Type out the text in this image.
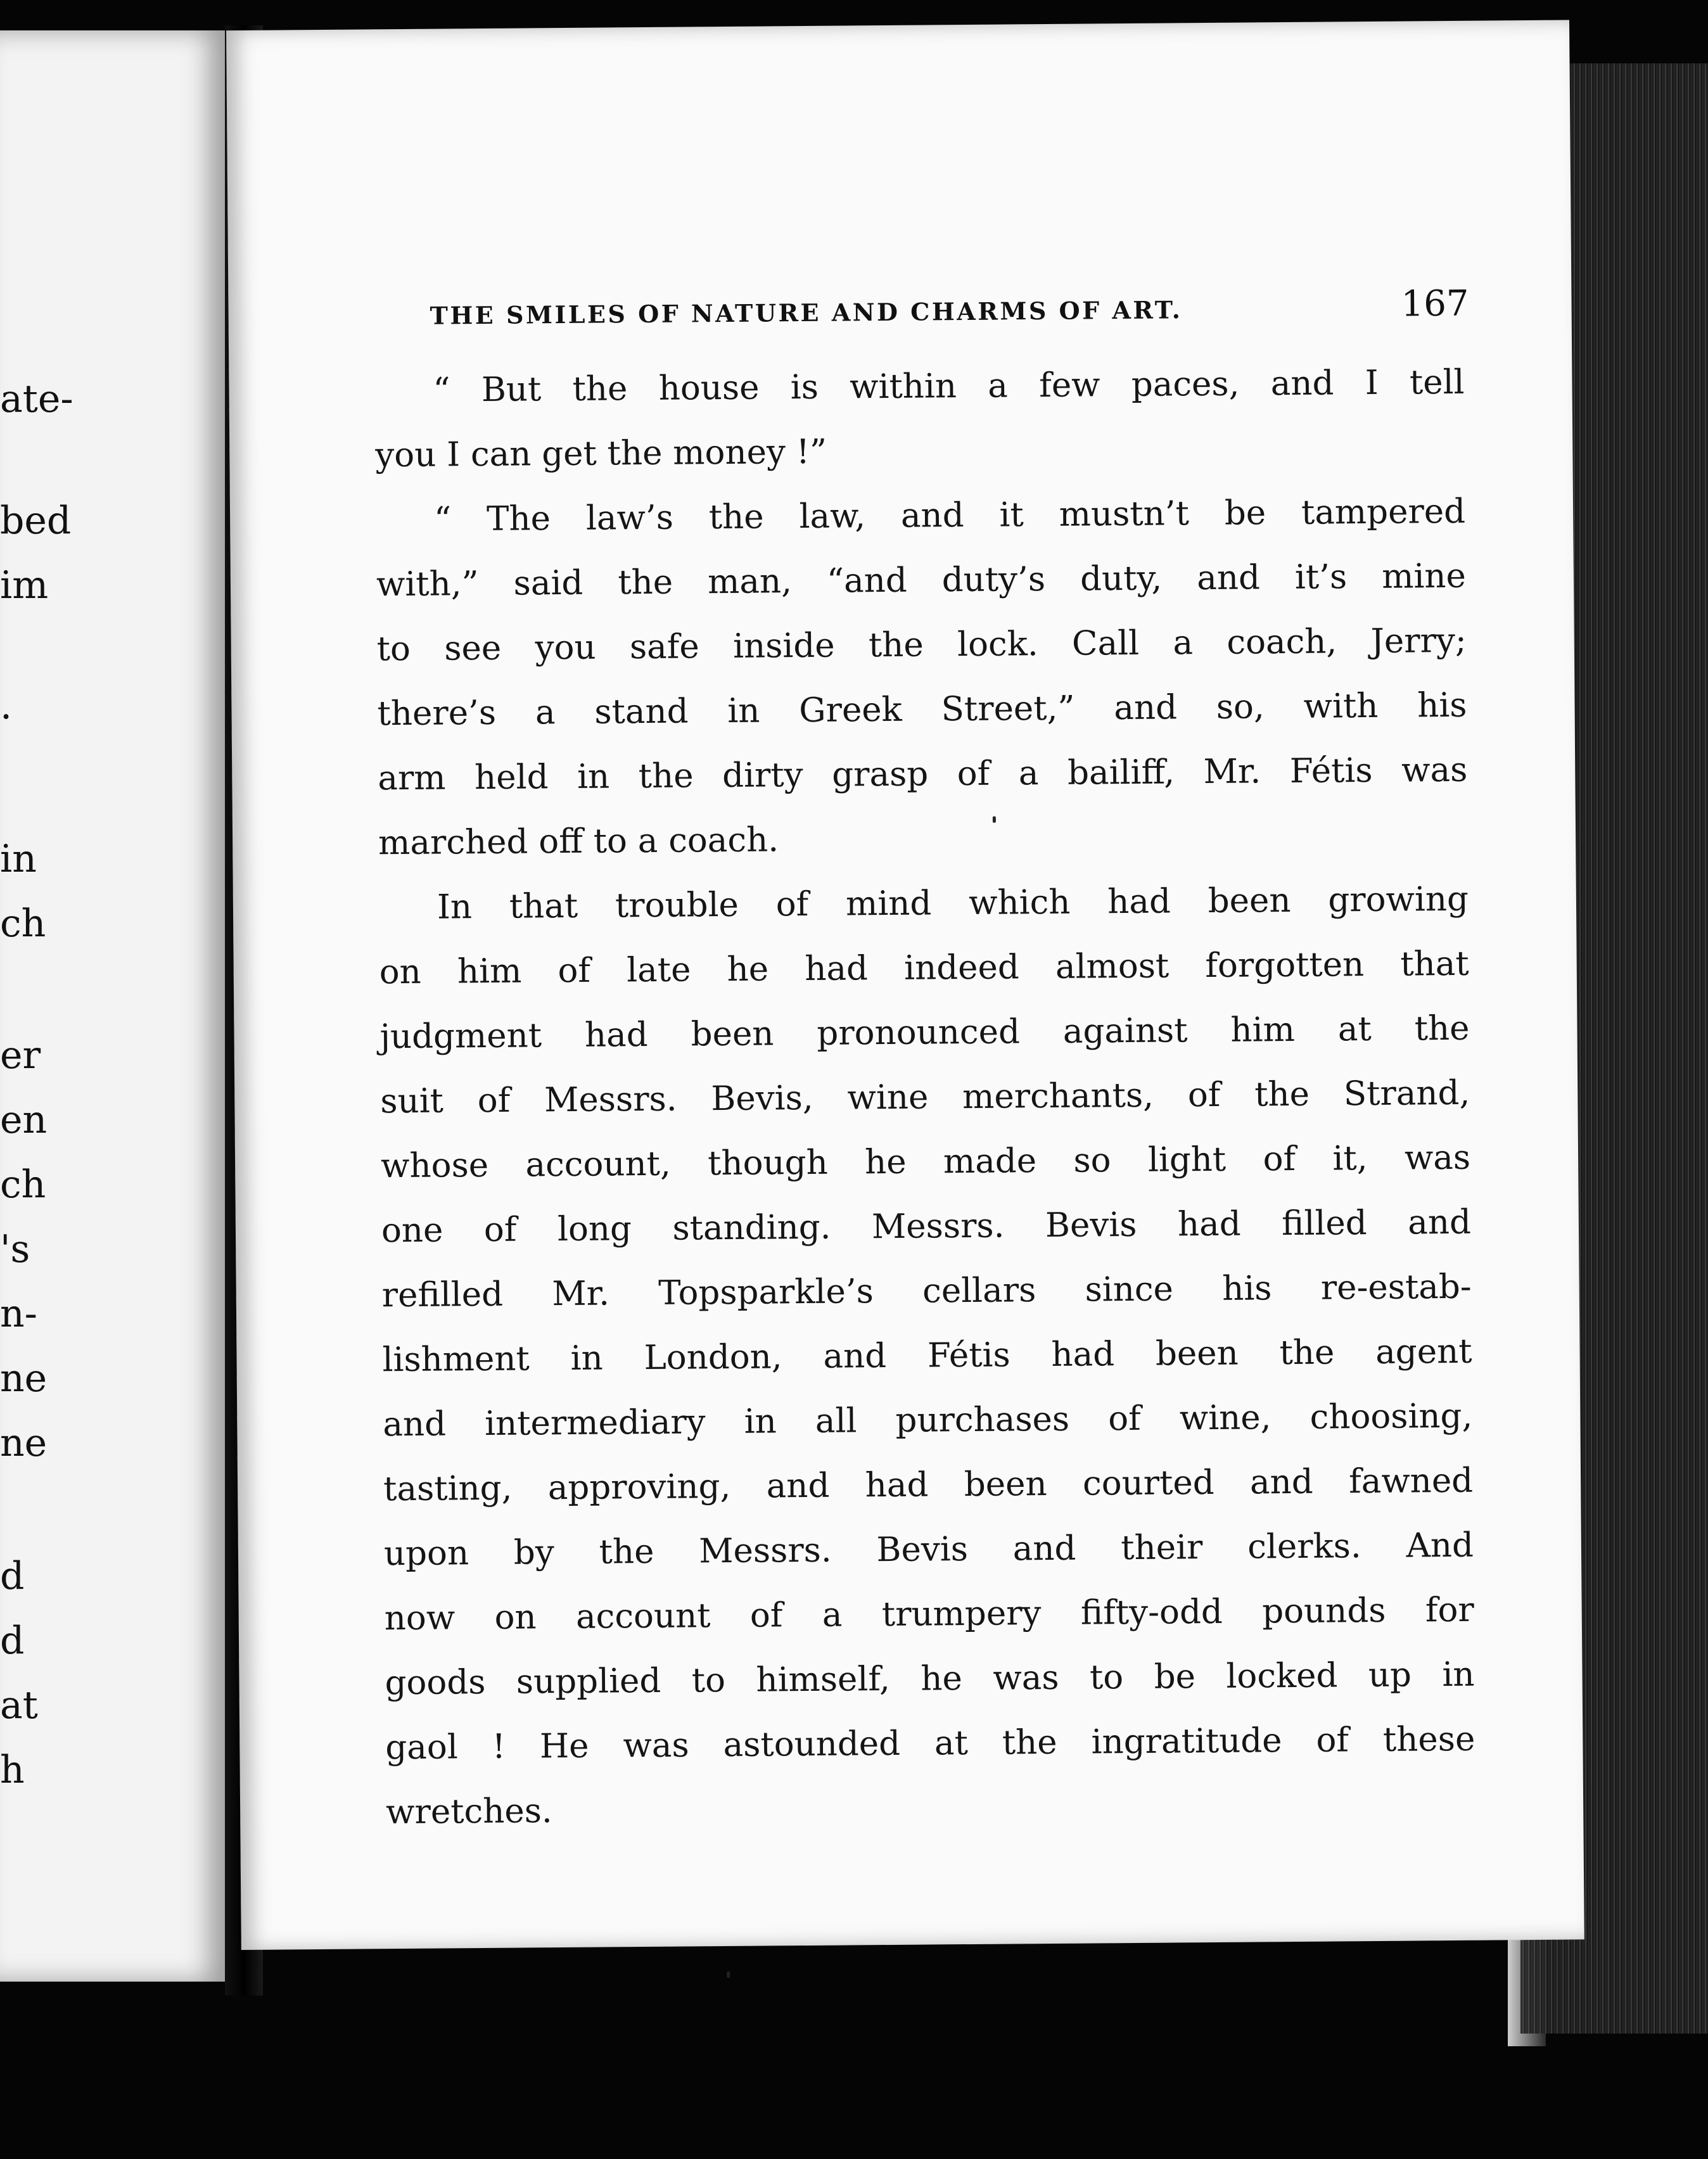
ate-
bed
im
.
in
ch
er
en
ch
's
n-
ne
ne
d
d
at
h
THE SMILES OF NATURE AND CHARMS OF ART.	167
“ But the house is within a few paces, and I tell
you I can get the money !”
“ The law’s the law, and it mustn’t be tampered
with,” said the man, “and duty’s duty, and it’s mine
to see you safe inside the lock. Call a coach, Jerry;
there’s a stand in Greek Street,” and so, with his
arm held in the dirty grasp of a bailiff, Mr. Fétis was
marched off to a coach.
In that trouble of mind which had been growing
on him of late he had indeed almost forgotten that
judgment had been pronounced against him at the
suit of Messrs. Bevis, wine merchants, of the Strand,
whose account, though he made so light of it, was
one of long standing. Messrs. Bevis had filled and
refilled Mr. Topsparkle’s cellars since his re-estab-
lishment in London, and Fétis had been the agent
and intermediary in all purchases of wine, choosing,
tasting, approving, and had been courted and fawned
upon by the Messrs. Bevis and their clerks. And
now on account of a trumpery fifty-odd pounds for
goods supplied to himself, he was to be locked up in
gaol ! He was astounded at the ingratitude of these
wretches.
